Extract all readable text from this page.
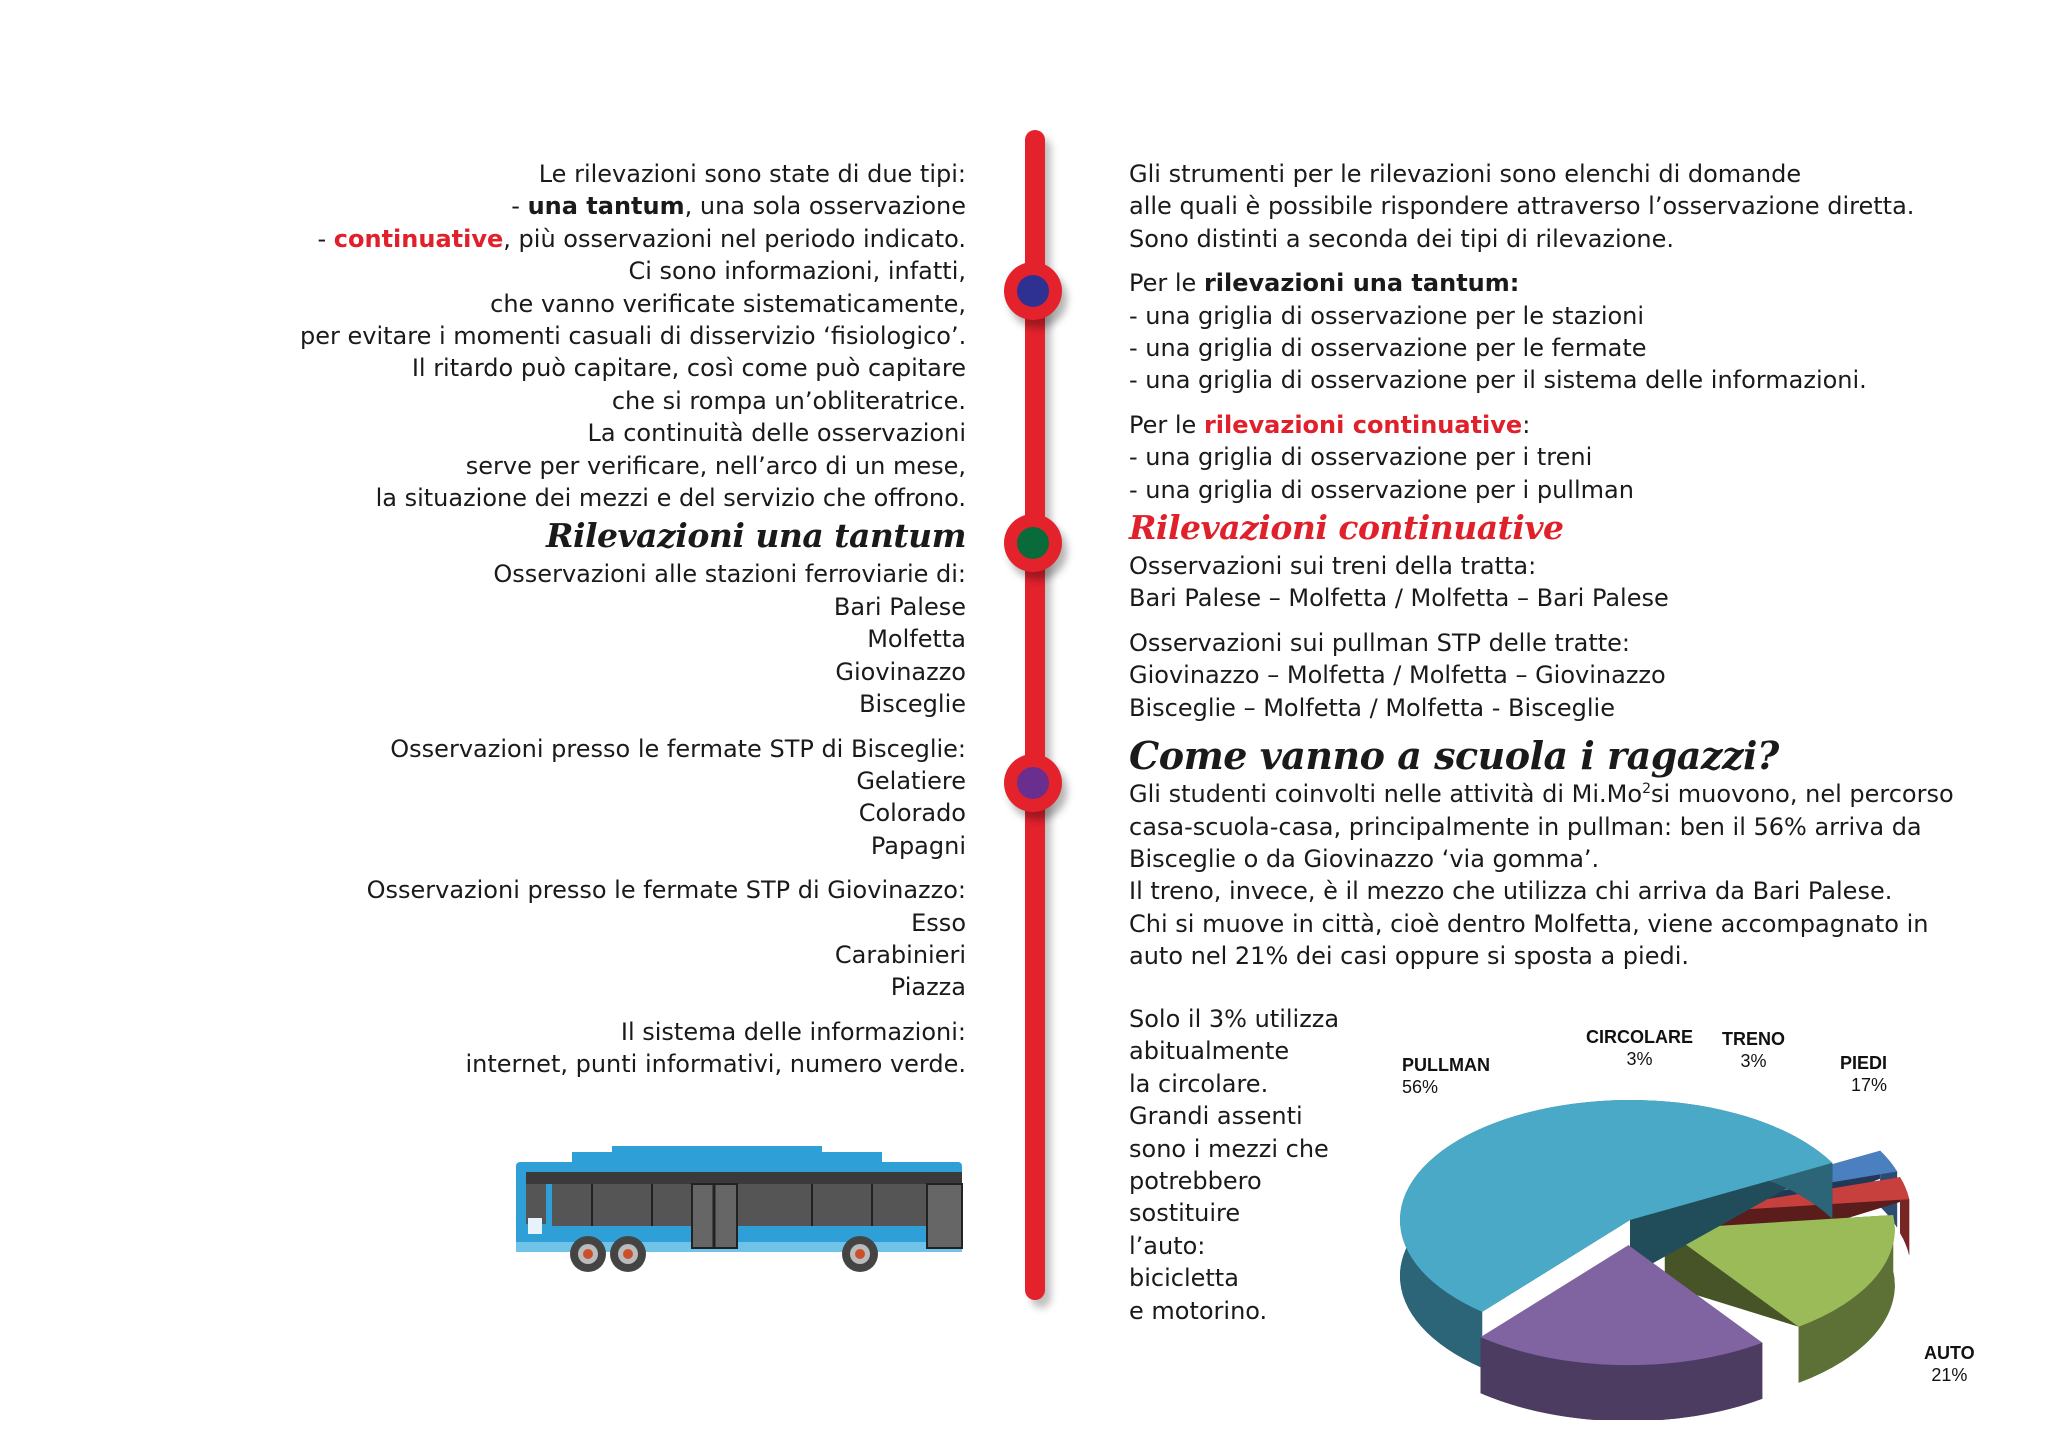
Le rilevazioni sono state di due tipi:
- una tantum, una sola osservazione
- continuative, più osservazioni nel periodo indicato.
Ci sono informazioni, infatti,
che vanno verificate sistematicamente,
per evitare i momenti casuali di disservizio ‘fisiologico’.
Il ritardo può capitare, così come può capitare
che si rompa un’obliteratrice.
La continuità delle osservazioni
serve per verificare, nell’arco di un mese,
la situazione dei mezzi e del servizio che offrono.
Rilevazioni una tantum
Osservazioni alle stazioni ferroviarie di:
Bari Palese
Molfetta
Giovinazzo
Bisceglie
Osservazioni presso le fermate STP di Bisceglie:
Gelatiere
Colorado
Papagni
Osservazioni presso le fermate STP di Giovinazzo:
Esso
Carabinieri
Piazza
Il sistema delle informazioni:
internet, punti informativi, numero verde.
Gli strumenti per le rilevazioni sono elenchi di domande
alle quali è possibile rispondere attraverso l’osservazione diretta.
Sono distinti a seconda dei tipi di rilevazione.
Per le rilevazioni una tantum:
- una griglia di osservazione per le stazioni
- una griglia di osservazione per le fermate
- una griglia di osservazione per il sistema delle informazioni.
Per le rilevazioni continuative:
- una griglia di osservazione per i treni
- una griglia di osservazione per i pullman
Rilevazioni continuative
Osservazioni sui treni della tratta:
Bari Palese – Molfetta / Molfetta – Bari Palese
Osservazioni sui pullman STP delle tratte:
Giovinazzo – Molfetta / Molfetta – Giovinazzo
Bisceglie – Molfetta / Molfetta - Bisceglie
Come vanno a scuola i ragazzi?
Gli studenti coinvolti nelle attività di Mi.Mo$^2$si muovono, nel percorso
casa-scuola-casa, principalmente in pullman: ben il 56% arriva da
Bisceglie o da Giovinazzo ‘via gomma’.
Il treno, invece, è il mezzo che utilizza chi arriva da Bari Palese.
Chi si muove in città, cioè dentro Molfetta, viene accompagnato in
auto nel 21% dei casi oppure si sposta a piedi.
Solo il 3% utilizza
abitualmente
la circolare.
Grandi assenti
sono i mezzi che
potrebbero
sostituire
l’auto:
bicicletta
e motorino.
PULLMAN
56%
CIRCOLARE
3%
TRENO
3%	PIEDI
17%
AUTO
21%
